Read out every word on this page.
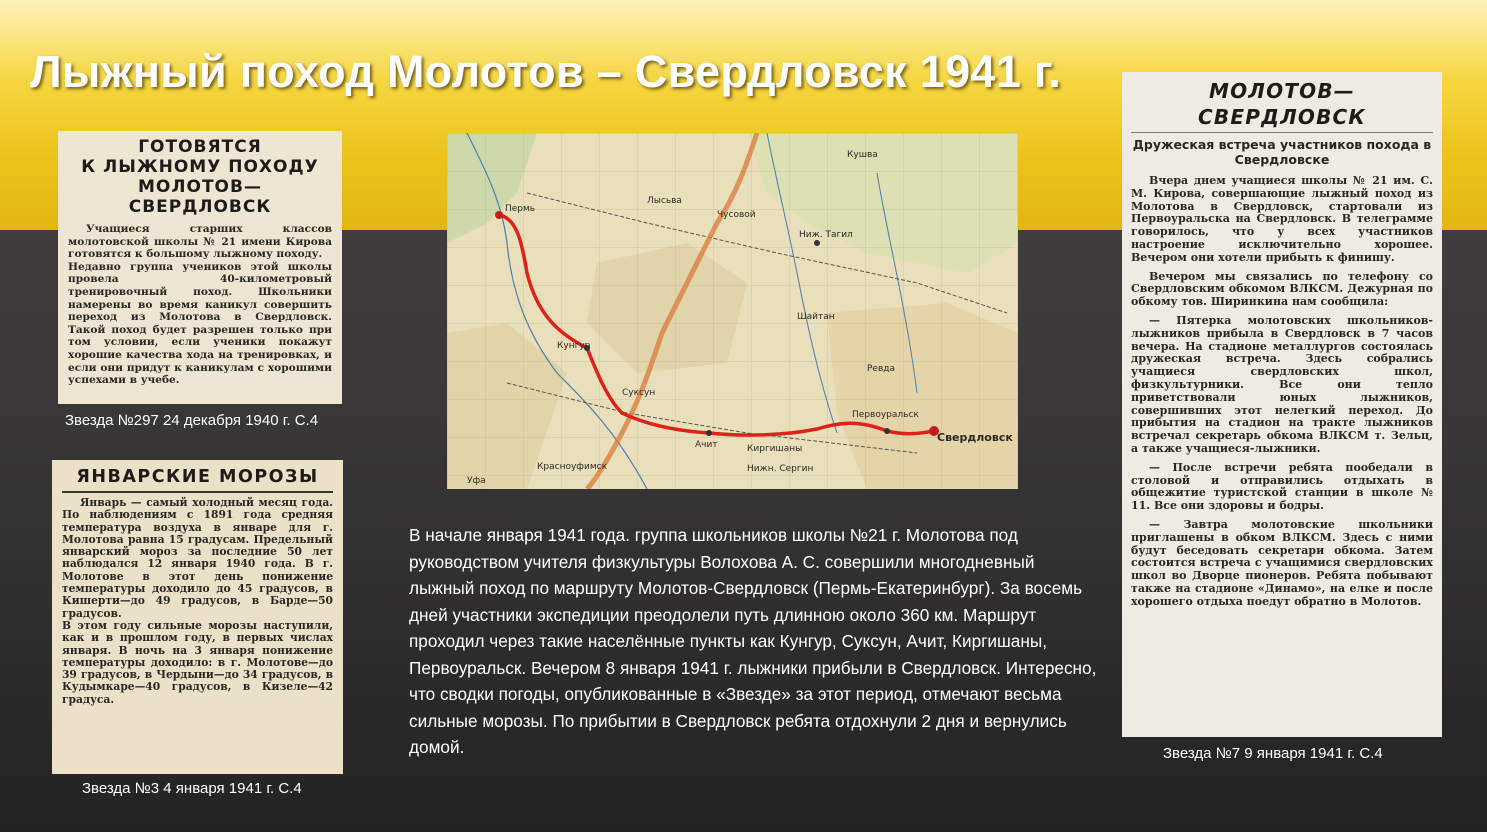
Лыжный поход Молотов – Свердловск 1941 г.
ГОТОВЯТСЯ
К ЛЫЖНОМУ ПОХОДУ
МОЛОТОВ—СВЕРДЛОВСК

Учащиеся старших классов молотовской школы № 21 имени Кирова готовятся к большому лыжному походу.
Недавно группа учеников этой школы провела 40-километровый тренировочный поход. Школьники намерены во время каникул совершить переход из Молотова в Свердловск. Такой поход будет разрешен только при том условии, если ученики покажут хорошие качества хода на тренировках, и если они придут к каникулам с хорошими успехами в учебе.

Звезда №297 24 декабря 1940 г. С.4
ЯНВАРСКИЕ МОРОЗЫ

Январь — самый холодный месяц года. По наблюдениям с 1891 года средняя температура воздуха в январе для г. Молотова равна 15 градусам. Предельный январский мороз за последние 50 лет наблюдался 12 января 1940 года. В г. Молотове в этот день понижение температуры доходило до 45 градусов, в Кишерти—до 49 градусов, в Барде—50 градусов.
В этом году сильные морозы наступили, как и в прошлом году, в первых числах января. В ночь на 3 января понижение температуры доходило: в г. Молотове—до 39 градусов, в Чердыни—до 34 градусов, в Кудымкаре—40 градусов, в Кизеле—42 градуса.

Звезда №3 4 января 1941 г. С.4
Пермь
Кунгур
Суксун
Ачит	Киргишаны
Первоуральск
Свердловск
Ниж. Тагил
Лысьва
Чусовой
Кушва
Красноуфимск
Шайтан
Ревда
Нижн. Сергин
Уфа

В начале января 1941 года. группа школьников школы №21 г. Молотова под руководством учителя физкультуры Волохова А. С. совершили многодневный лыжный поход по маршруту Молотов-Свердловск (Пермь-Екатеринбург). За восемь дней участники экспедиции преодолели путь длинною около 360 км. Маршрут проходил через такие населённые пункты как Кунгур, Суксун, Ачит, Киргишаны, Первоуральск. Вечером 8 января 1941 г. лыжники прибыли в Свердловск. Интересно, что сводки погоды, опубликованные в «Звезде» за этот период, отмечают весьма сильные морозы. По прибытии в Свердловск ребята отдохнули 2 дня и вернулись домой.

МОЛОТОВ—СВЕРДЛОВСК

Дружеская встреча участников похода в Свердловске

Вчера днем учащиеся школы № 21 им. С. М. Кирова, совершающие лыжный поход из Молотова в Свердловск, стартовали из Первоуральска на Свердловск. В телеграмме говорилось, что у всех участников настроение исключительно хорошее. Вечером они хотели прибыть к финишу.

Вечером мы связались по телефону со Свердловским обкомом ВЛКСМ. Дежурная по обкому тов. Ширинкина нам сообщила:

— Пятерка молотовских школьников-лыжников прибыла в Свердловск в 7 часов вечера. На стадионе металлургов состоялась дружеская встреча. Здесь собрались учащиеся свердловских школ, физкультурники. Все они тепло приветствовали юных лыжников, совершивших этот нелегкий переход. До прибытия на стадион на тракте лыжников встречал секретарь обкома ВЛКСМ т. Зельц, а также учащиеся-лыжники.

— После встречи ребята пообедали в столовой и отправились отдыхать в общежитие туристской станции в школе № 11. Все они здоровы и бодры.

— Завтра молотовские школьники приглашены в обком ВЛКСМ. Здесь с ними будут беседовать секретари обкома. Затем состоится встреча с учащимися свердловских школ во Дворце пионеров. Ребята побывают также на стадионе «Динамо», на елке и после хорошего отдыха поедут обратно в Молотов.

Звезда №7 9 января 1941 г. С.4
